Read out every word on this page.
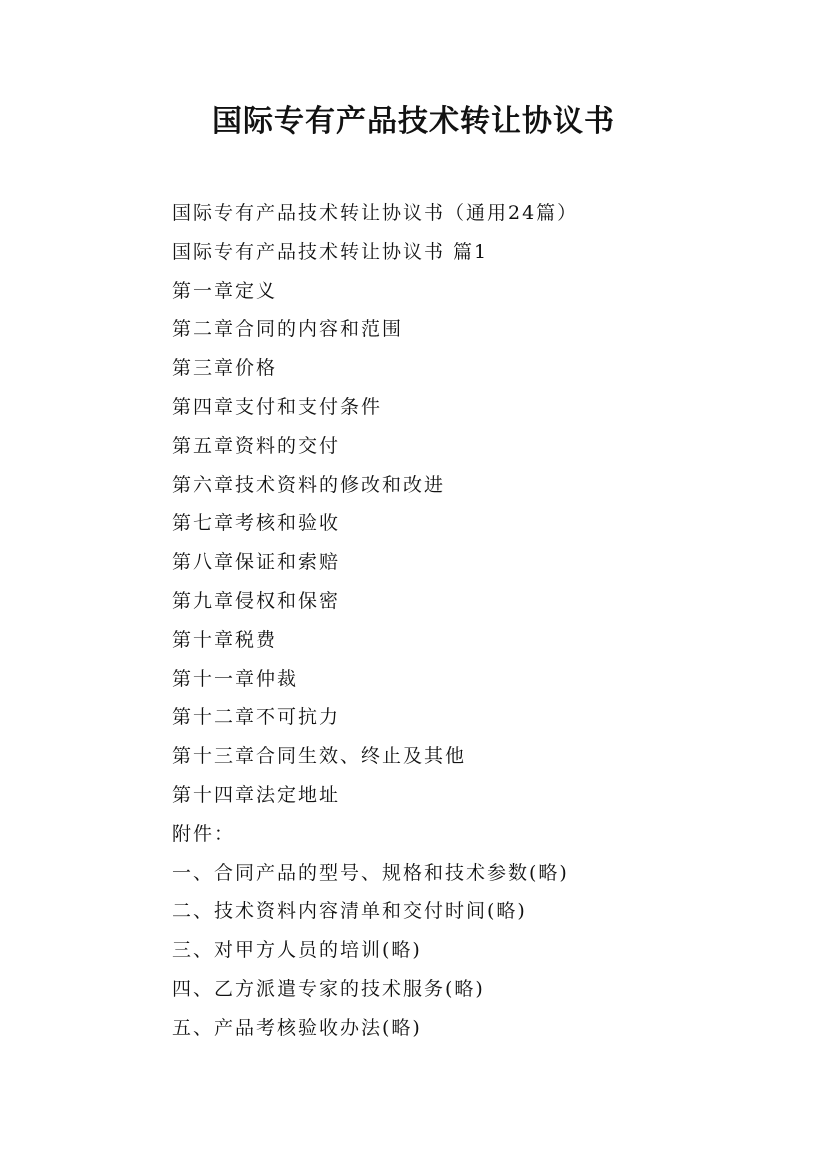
国际专有产品技术转让协议书
国际专有产品技术转让协议书（通用24篇）
国际专有产品技术转让协议书 篇1
第一章定义
第二章合同的内容和范围
第三章价格
第四章支付和支付条件
第五章资料的交付
第六章技术资料的修改和改进
第七章考核和验收
第八章保证和索赔
第九章侵权和保密
第十章税费
第十一章仲裁
第十二章不可抗力
第十三章合同生效、终止及其他
第十四章法定地址
附件：
一、合同产品的型号、规格和技术参数(略)
二、技术资料内容清单和交付时间(略)
三、对甲方人员的培训(略)
四、乙方派遣专家的技术服务(略)
五、产品考核验收办法(略)
